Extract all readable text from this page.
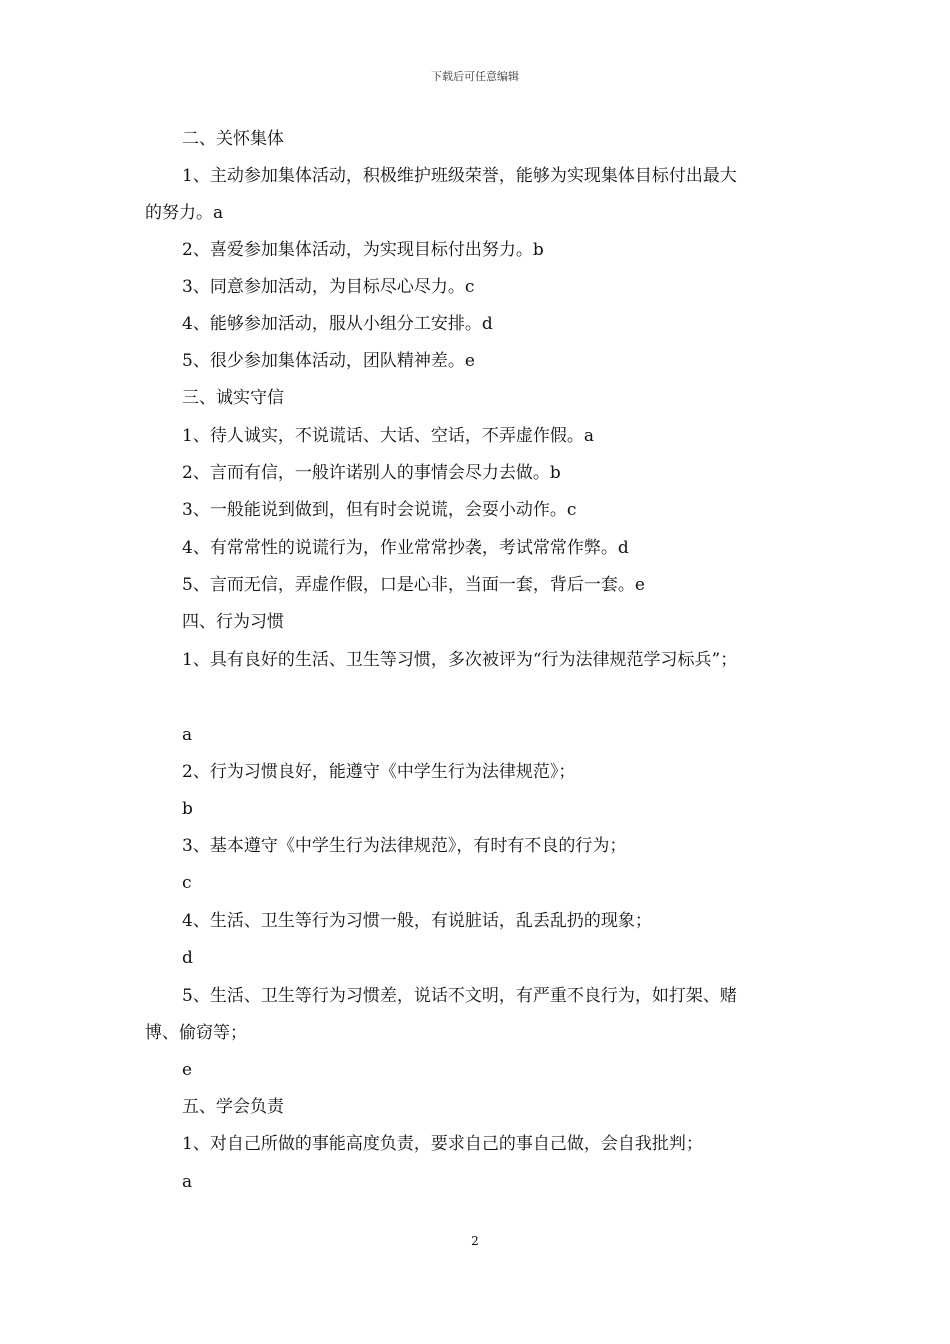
下载后可任意编辑
二、关怀集体
1、主动参加集体活动，积极维护班级荣誉，能够为实现集体目标付出最大
的努力。a
2、喜爱参加集体活动，为实现目标付出努力。b
3、同意参加活动，为目标尽心尽力。c
4、能够参加活动，服从小组分工安排。d
5、很少参加集体活动，团队精神差。e
三、诚实守信
1、待人诚实，不说谎话、大话、空话，不弄虚作假。a
2、言而有信，一般许诺别人的事情会尽力去做。b
3、一般能说到做到，但有时会说谎，会耍小动作。c
4、有常常性的说谎行为，作业常常抄袭，考试常常作弊。d
5、言而无信，弄虚作假，口是心非，当面一套，背后一套。e
四、行为习惯
1、具有良好的生活、卫生等习惯，多次被评为“行为法律规范学习标兵”；
a
2、行为习惯良好，能遵守《中学生行为法律规范》；
b
3、基本遵守《中学生行为法律规范》，有时有不良的行为；
c
4、生活、卫生等行为习惯一般，有说脏话，乱丢乱扔的现象；
d
5、生活、卫生等行为习惯差，说话不文明，有严重不良行为，如打架、赌
博、偷窃等；
e
五、学会负责
1、对自己所做的事能高度负责，要求自己的事自己做，会自我批判；
a
2
